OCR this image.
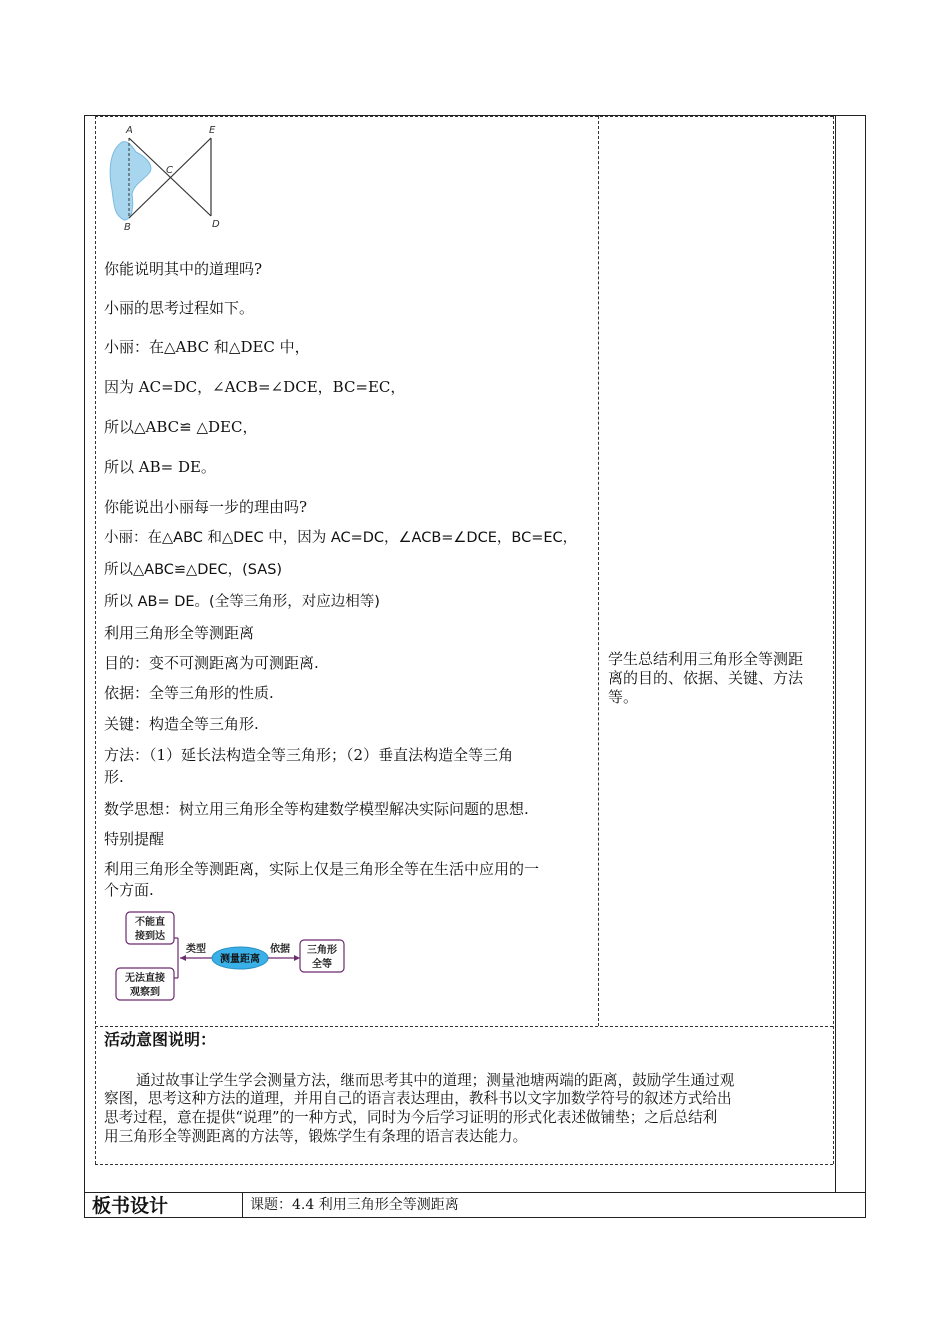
A
B
C
D
E
你能说明其中的道理吗?
小丽的思考过程如下。
小丽：在△ABC 和△DEC 中，
因为 AC=DC，∠ACB=∠DCE，BC=EC，
所以△ABC≌ △DEC，
所以 AB= DE。
你能说出小丽每一步的理由吗?
小丽：在△ABC 和△DEC 中，因为 AC=DC，∠ACB=∠DCE，BC=EC，
所以△ABC≌△DEC，(SAS)
所以 AB= DE。(全等三角形，对应边相等)
利用三角形全等测距离
目的：变不可测距离为可测距离.
依据：全等三角形的性质.
关键：构造全等三角形.
方法：（1）延长法构造全等三角形；（2）垂直法构造全等三角
形.
数学思想：树立用三角形全等构建数学模型解决实际问题的思想.
特别提醒
利用三角形全等测距离，实际上仅是三角形全等在生活中应用的一
个方面.
不能直
接到达
无法直接
观察到
类型
测量距离
依据 三角形
全等
学生总结利用三角形全等测距
离的目的、依据、关键、方法
等。
活动意图说明：
通过故事让学生学会测量方法，继而思考其中的道理；测量池塘两端的距离，鼓励学生通过观
察图，思考这种方法的道理，并用自己的语言表达理由，教科书以文字加数学符号的叙述方式给出
思考过程，意在提供“说理”的一种方式，同时为今后学习证明的形式化表述做铺垫；之后总结利
用三角形全等测距离的方法等，锻炼学生有条理的语言表达能力。
板书设计	课题：4.4 利用三角形全等测距离
